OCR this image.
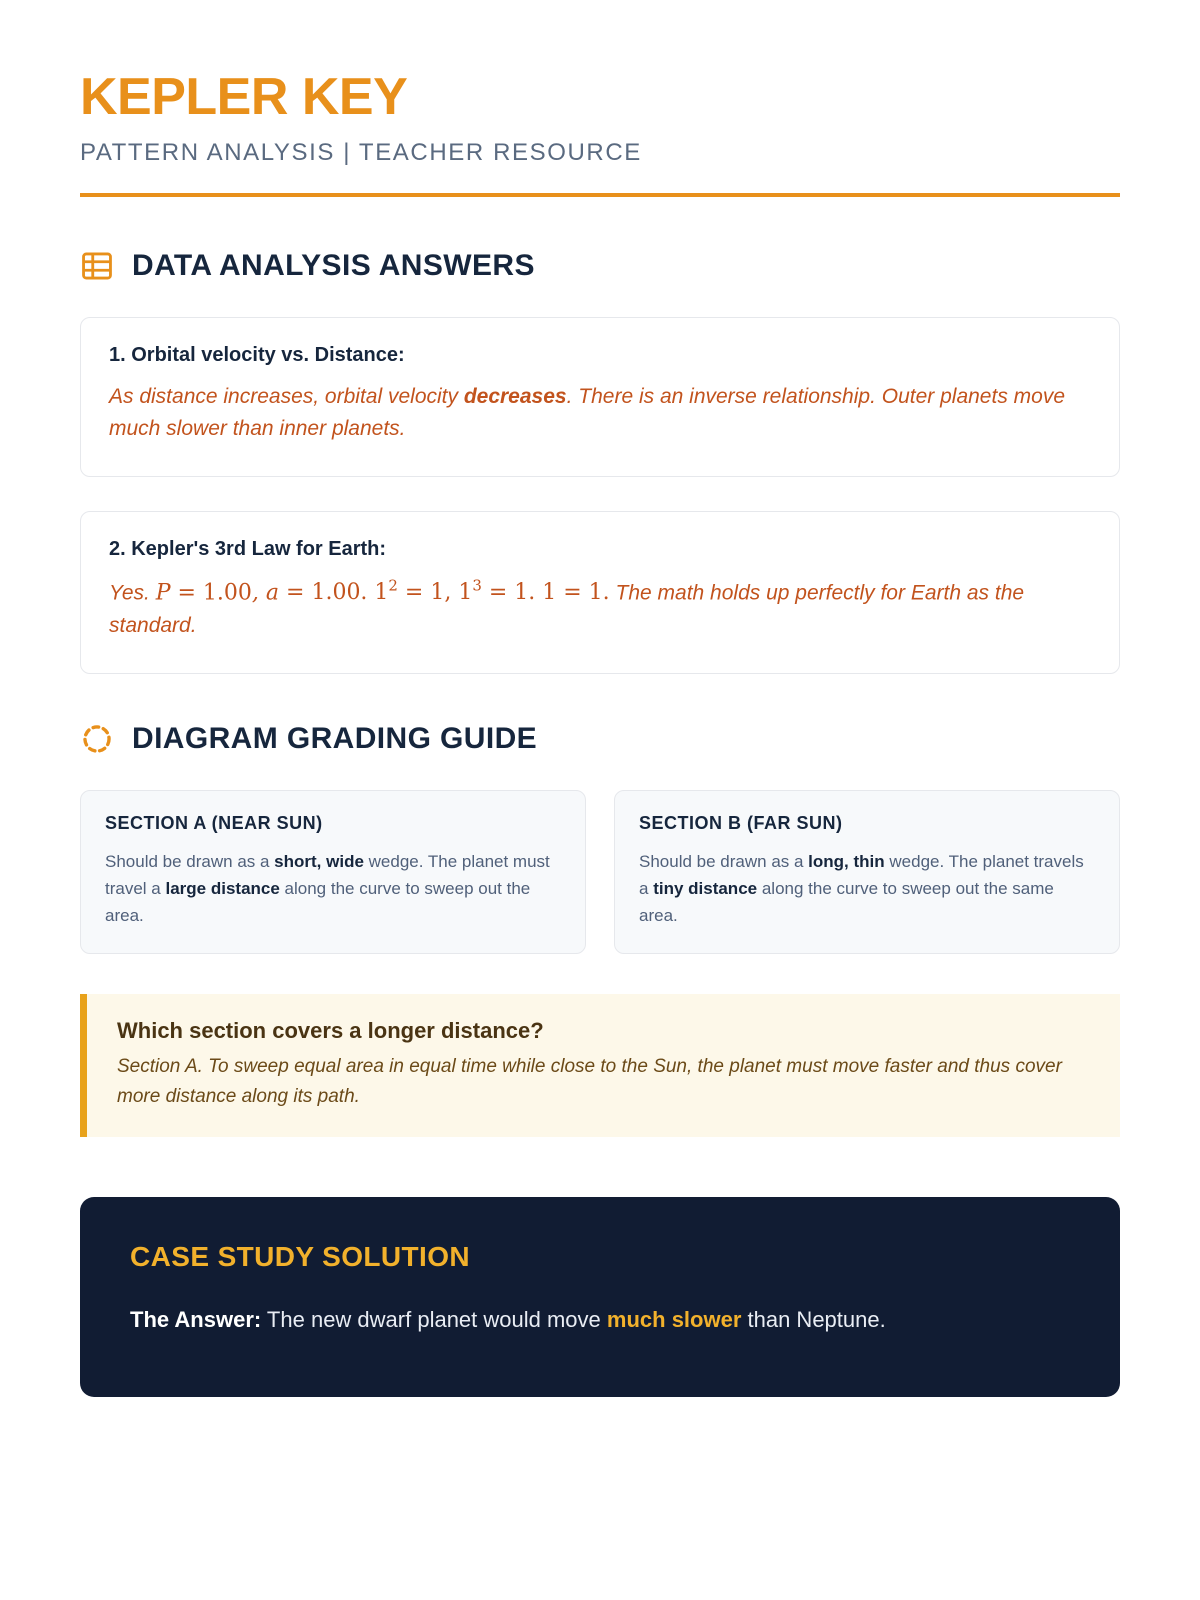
KEPLER KEY
PATTERN ANALYSIS | TEACHER RESOURCE
DATA ANALYSIS ANSWERS

1. Orbital velocity vs. Distance:

As distance increases, orbital velocity decreases. There is an inverse relationship. Outer planets move much slower than inner planets.

2. Kepler's 3rd Law for Earth:

Yes. P = 1.00, a = 1.00. $1^2 = 1$, $1^3 = 1$. 1 = 1. The math holds up perfectly for Earth as the standard.

DIAGRAM GRADING GUIDE

SECTION A (NEAR SUN)

Should be drawn as a short, wide wedge. The planet must travel a large distance along the curve to sweep out the area.

SECTION B (FAR SUN)

Should be drawn as a long, thin wedge. The planet travels a tiny distance along the curve to sweep out the same area.

Which section covers a longer distance?

Section A. To sweep equal area in equal time while close to the Sun, the planet must move faster and thus cover more distance along its path.

CASE STUDY SOLUTION

The Answer: The new dwarf planet would move much slower than Neptune.
